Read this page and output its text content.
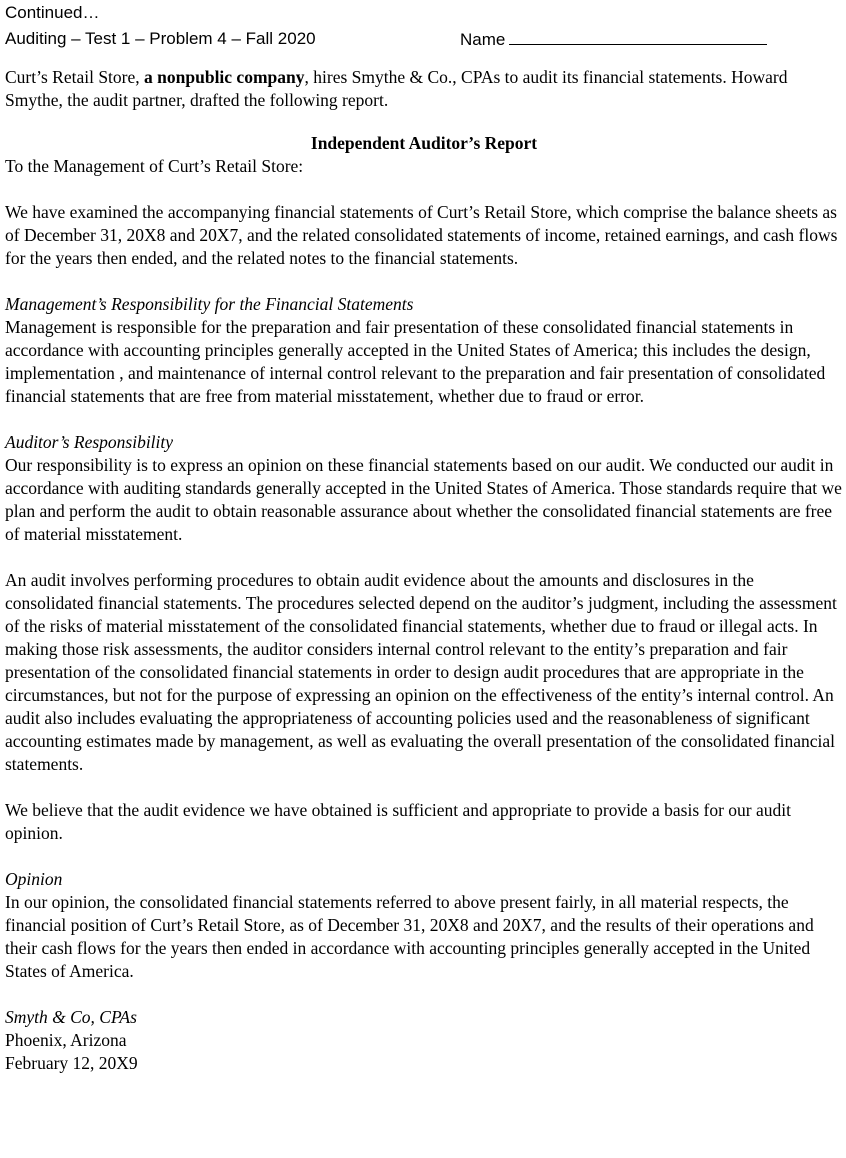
Continued…
Auditing – Test 1 – Problem 4 – Fall 2020	Name

Curt’s Retail Store, a nonpublic company, hires Smythe & Co., CPAs to audit its financial statements. Howard Smythe, the audit partner, drafted the following report.

Independent Auditor’s Report

To the Management of Curt’s Retail Store:

We have examined the accompanying financial statements of Curt’s Retail Store, which comprise the balance sheets as of December 31, 20X8 and 20X7, and the related consolidated statements of income, retained earnings, and cash flows for the years then ended, and the related notes to the financial statements.

Management’s Responsibility for the Financial Statements

Management is responsible for the preparation and fair presentation of these consolidated financial statements in accordance with accounting principles generally accepted in the United States of America; this includes the design, implementation , and maintenance of internal control relevant to the preparation and fair presentation of consolidated financial statements that are free from material misstatement, whether due to fraud or error.

Auditor’s Responsibility

Our responsibility is to express an opinion on these financial statements based on our audit. We conducted our audit in accordance with auditing standards generally accepted in the United States of America. Those standards require that we plan and perform the audit to obtain reasonable assurance about whether the consolidated financial statements are free of material misstatement.

An audit involves performing procedures to obtain audit evidence about the amounts and disclosures in the consolidated financial statements. The procedures selected depend on the auditor’s judgment, including the assessment of the risks of material misstatement of the consolidated financial statements, whether due to fraud or illegal acts. In making those risk assessments, the auditor considers internal control relevant to the entity’s preparation and fair presentation of the consolidated financial statements in order to design audit procedures that are appropriate in the circumstances, but not for the purpose of expressing an opinion on the effectiveness of the entity’s internal control. An audit also includes evaluating the appropriateness of accounting policies used and the reasonableness of significant accounting estimates made by management, as well as evaluating the overall presentation of the consolidated financial statements.

We believe that the audit evidence we have obtained is sufficient and appropriate to provide a basis for our audit opinion.

Opinion

In our opinion, the consolidated financial statements referred to above present fairly, in all material respects, the financial position of Curt’s Retail Store, as of December 31, 20X8 and 20X7, and the results of their operations and their cash flows for the years then ended in accordance with accounting principles generally accepted in the United States of America.

Smyth & Co, CPAs
Phoenix, Arizona
February 12, 20X9
